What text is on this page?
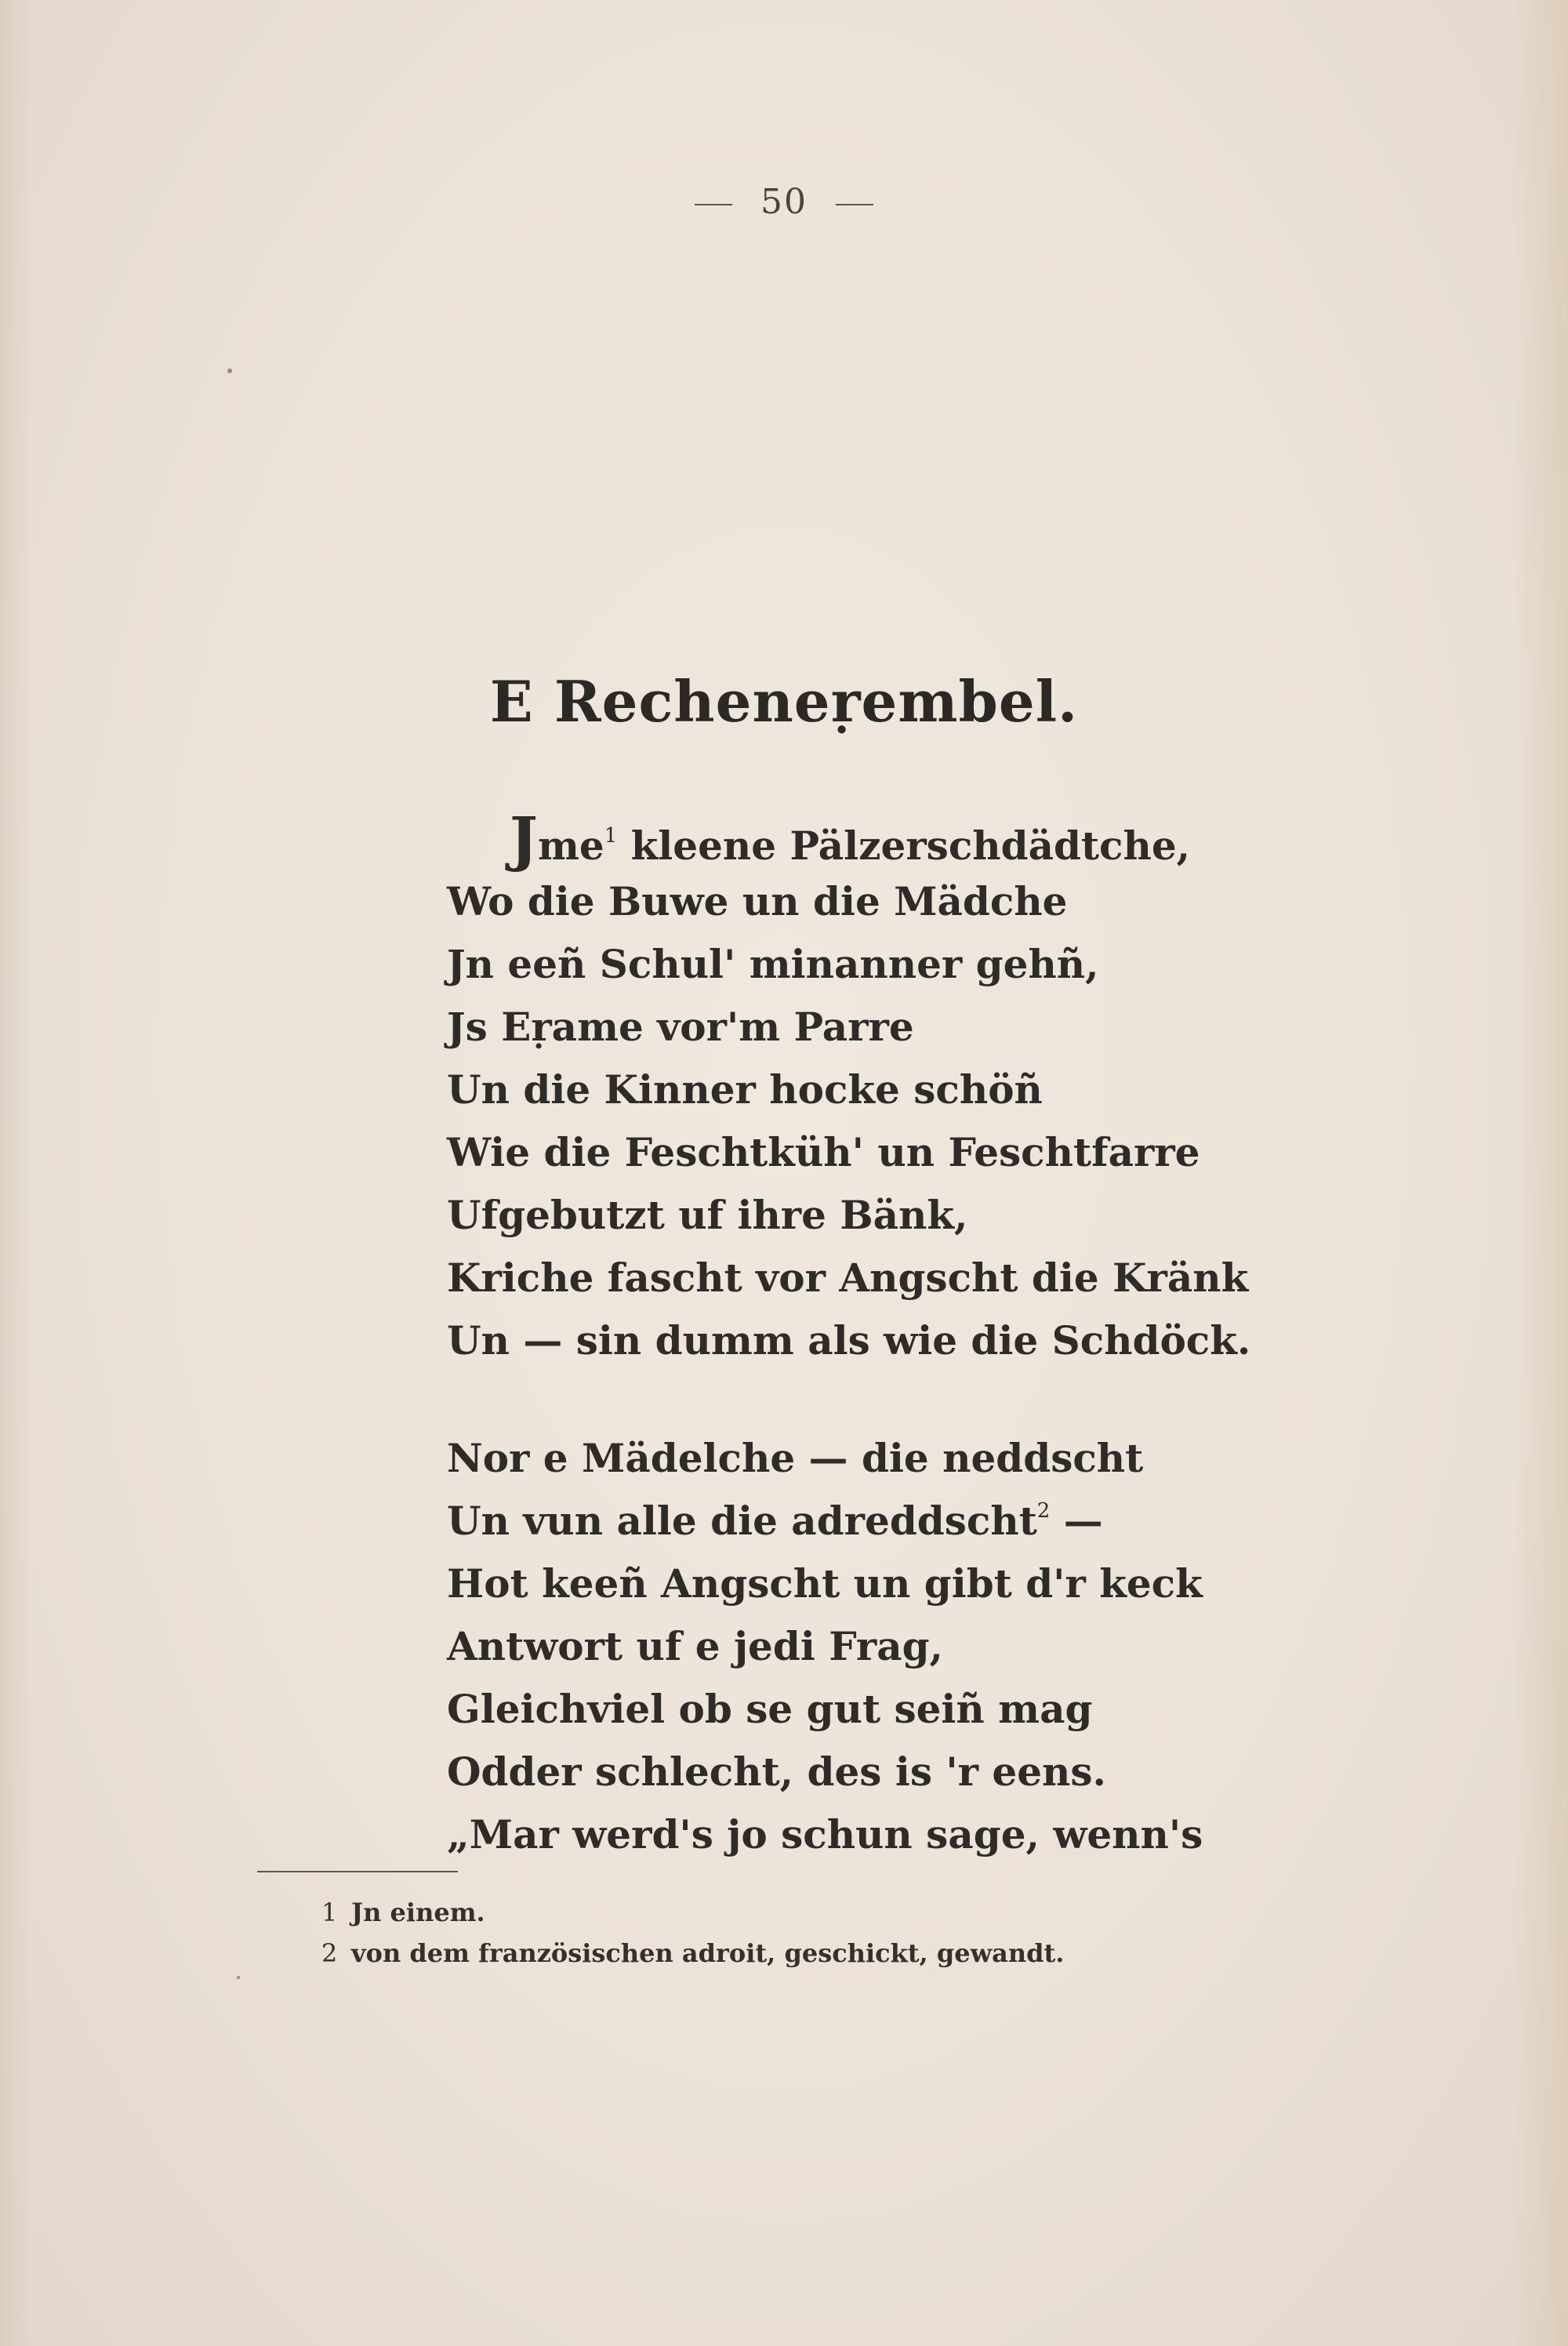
50
E Recheneṛembel.
Jme$^1$ kleene Pälzerschdädtche,
Wo die Buwe un die Mädche
Jn eeñ Schul' minanner gehñ,
Js Eṛame vor'm Parre
Un die Kinner hocke schöñ
Wie die Feschtküh' un Feschtfarre
Ufgebutzt uf ihre Bänk,
Kriche fascht vor Angscht die Kränk
Un — sin dumm als wie die Schdöck.
Nor e Mädelche — die neddscht
Un vun alle die adreddscht$^2$ —
Hot keeñ Angscht un gibt d'r keck
Antwort uf e jedi Frag,
Gleichviel ob se gut seiñ mag
Odder schlecht, des is 'r eens.
„Mar werd's jo schun sage, wenn's
1 Jn einem.
2 von dem französischen adroit, geschickt, gewandt.
